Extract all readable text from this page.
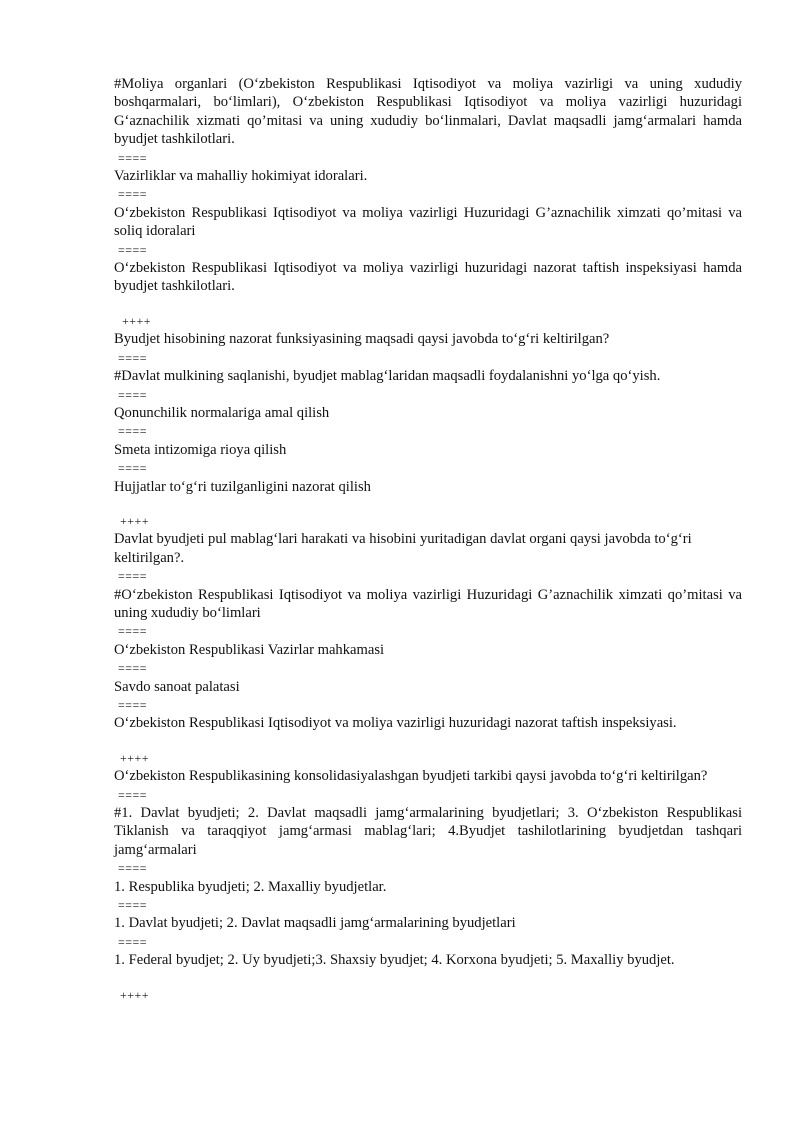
#Moliya organlari (O‘zbekiston Respublikasi Iqtisodiyot va moliya vazirligi va uning xududiy boshqarmalari, bo‘limlari), O‘zbekiston Respublikasi Iqtisodiyot va moliya vazirligi huzuridagi G‘aznachilik xizmati qo’mitasi va uning xududiy bo‘linmalari, Davlat maqsadli jamg‘armalari hamda byudjet tashkilotlari.

====

Vazirliklar va mahalliy hokimiyat idoralari.

====

O‘zbekiston Respublikasi Iqtisodiyot va moliya vazirligi Huzuridagi G’aznachilik ximzati qo’mitasi va soliq idoralari

====

O‘zbekiston Respublikasi Iqtisodiyot va moliya vazirligi huzuridagi nazorat taftish inspeksiyasi hamda byudjet tashkilotlari.

++++

Byudjet hisobining nazorat funksiyasining maqsadi qaysi javobda to‘g‘ri keltirilgan?

====

#Davlat mulkining saqlanishi, byudjet mablag‘laridan maqsadli foydalanishni yo‘lga qo‘yish.

====

Qonunchilik normalariga amal qilish

====

Smeta intizomiga rioya qilish

====

Hujjatlar to‘g‘ri tuzilganligini nazorat qilish

++++

Davlat byudjeti pul mablag‘lari harakati va hisobini yuritadigan davlat organi qaysi javobda to‘g‘ri keltirilgan?.

====

#O‘zbekiston Respublikasi Iqtisodiyot va moliya vazirligi Huzuridagi G’aznachilik ximzati qo’mitasi va uning xududiy bo‘limlari

====

O‘zbekiston Respublikasi Vazirlar mahkamasi

====

Savdo sanoat palatasi

====

O‘zbekiston Respublikasi Iqtisodiyot va moliya vazirligi huzuridagi nazorat taftish inspeksiyasi.

++++

O‘zbekiston Respublikasining konsolidasiyalashgan byudjeti tarkibi qaysi javobda to‘g‘ri keltirilgan?

====

#1. Davlat byudjeti; 2. Davlat maqsadli jamg‘armalarining byudjetlari; 3. O‘zbekiston Respublikasi Tiklanish va taraqqiyot jamg‘armasi mablag‘lari; 4.Byudjet tashilotlarining byudjetdan tashqari jamg‘armalari

====

1. Respublika byudjeti; 2. Maxalliy byudjetlar.

====

1. Davlat byudjeti; 2. Davlat maqsadli jamg‘armalarining byudjetlari

====

1. Federal byudjet; 2. Uy byudjeti;3. Shaxsiy byudjet; 4. Korxona byudjeti; 5. Maxalliy byudjet.

++++
